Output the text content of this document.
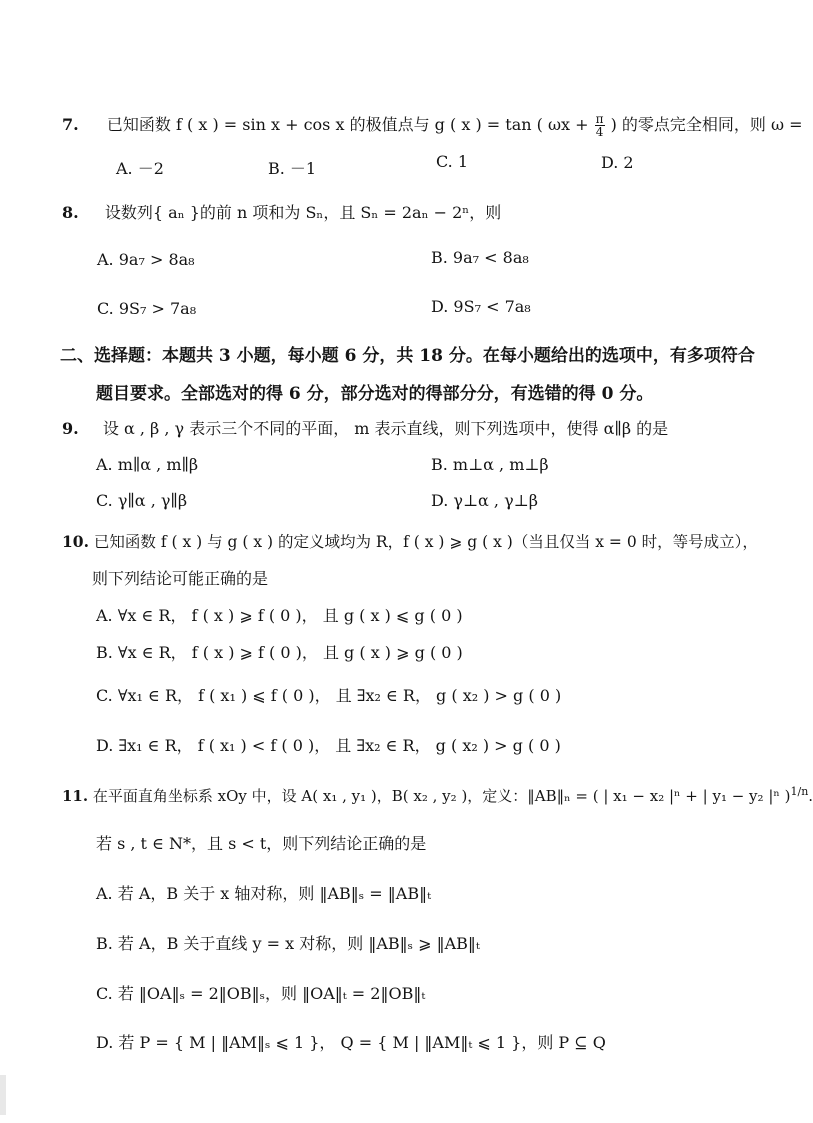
7. 已知函数 f ( x ) = sin x + cos x 的极值点与 g ( x ) = tan ( $\omega x + \frac{\pi}{4}$ ) 的零点完全相同，则 ω =
A. －2	B. －1	C. 1	D. 2
8. 设数列{ aₙ }的前 n 项和为 Sₙ，且 Sₙ = 2aₙ − 2ⁿ，则
A. 9a₇ > 8a₈	B. 9a₇ < 8a₈
C. 9S₇ > 7a₈	D. 9S₇ < 7a₈
二、选择题：本题共 3 小题，每小题 6 分，共 18 分。在每小题给出的选项中，有多项符合
题目要求。全部选对的得 6 分，部分选对的得部分分，有选错的得 0 分。
9. 设 α , β , γ 表示三个不同的平面， m 表示直线，则下列选项中，使得 α∥β 的是
A. m∥α , m∥β	B. m⊥α , m⊥β
C. γ∥α , γ∥β	D. γ⊥α , γ⊥β
10. 已知函数 f ( x ) 与 g ( x ) 的定义域均为 R，f ( x ) ⩾ g ( x )（当且仅当 x = 0 时，等号成立），
则下列结论可能正确的是
A. ∀x ∈ R， f ( x ) ⩾ f ( 0 )， 且 g ( x ) ⩽ g ( 0 )
B. ∀x ∈ R， f ( x ) ⩾ f ( 0 )， 且 g ( x ) ⩾ g ( 0 )
C. ∀x₁ ∈ R， f ( x₁ ) ⩽ f ( 0 )， 且 ∃x₂ ∈ R， g ( x₂ ) > g ( 0 )
D. ∃x₁ ∈ R， f ( x₁ ) < f ( 0 )， 且 ∃x₂ ∈ R， g ( x₂ ) > g ( 0 )
11. 在平面直角坐标系 xOy 中，设 A( x₁ , y₁ )，B( x₂ , y₂ )，定义：‖AB‖ₙ = ( | x₁ − x₂ |ⁿ + | y₁ − y₂ |ⁿ )$^{1/n}$.
若 s , t ∈ N*，且 s < t，则下列结论正确的是
A. 若 A，B 关于 x 轴对称，则 ‖AB‖ₛ = ‖AB‖ₜ
B. 若 A，B 关于直线 y = x 对称，则 ‖AB‖ₛ ⩾ ‖AB‖ₜ
C. 若 ‖OA‖ₛ = 2‖OB‖ₛ，则 ‖OA‖ₜ = 2‖OB‖ₜ
D. 若 P = { M | ‖AM‖ₛ ⩽ 1 }， Q = { M | ‖AM‖ₜ ⩽ 1 }，则 P ⊆ Q
